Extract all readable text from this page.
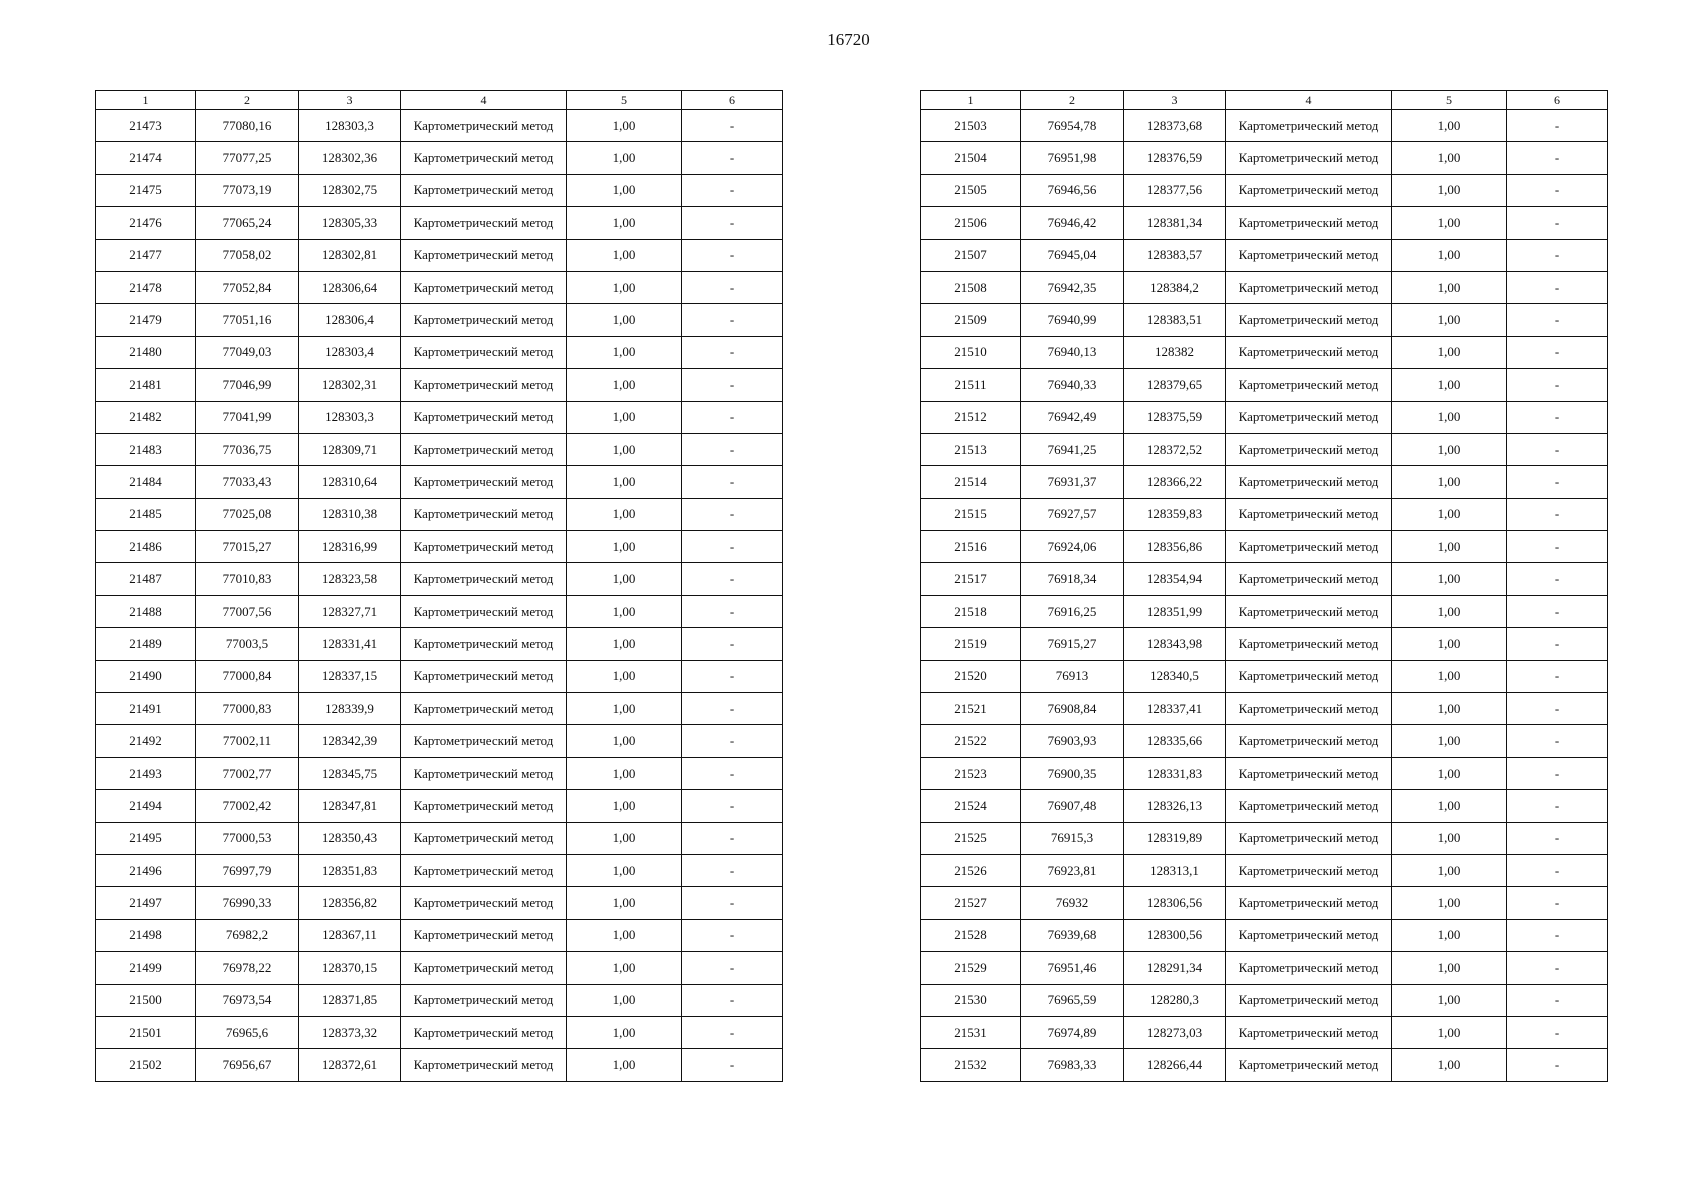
16720
1	2	3	4	5	6
21473	77080,16	128303,3	Картометрический метод	1,00	-
21474	77077,25	128302,36	Картометрический метод	1,00	-
21475	77073,19	128302,75	Картометрический метод	1,00	-
21476	77065,24	128305,33	Картометрический метод	1,00	-
21477	77058,02	128302,81	Картометрический метод	1,00	-
21478	77052,84	128306,64	Картометрический метод	1,00	-
21479	77051,16	128306,4	Картометрический метод	1,00	-
21480	77049,03	128303,4	Картометрический метод	1,00	-
21481	77046,99	128302,31	Картометрический метод	1,00	-
21482	77041,99	128303,3	Картометрический метод	1,00	-
21483	77036,75	128309,71	Картометрический метод	1,00	-
21484	77033,43	128310,64	Картометрический метод	1,00	-
21485	77025,08	128310,38	Картометрический метод	1,00	-
21486	77015,27	128316,99	Картометрический метод	1,00	-
21487	77010,83	128323,58	Картометрический метод	1,00	-
21488	77007,56	128327,71	Картометрический метод	1,00	-
21489	77003,5	128331,41	Картометрический метод	1,00	-
21490	77000,84	128337,15	Картометрический метод	1,00	-
21491	77000,83	128339,9	Картометрический метод	1,00	-
21492	77002,11	128342,39	Картометрический метод	1,00	-
21493	77002,77	128345,75	Картометрический метод	1,00	-
21494	77002,42	128347,81	Картометрический метод	1,00	-
21495	77000,53	128350,43	Картометрический метод	1,00	-
21496	76997,79	128351,83	Картометрический метод	1,00	-
21497	76990,33	128356,82	Картометрический метод	1,00	-
21498	76982,2	128367,11	Картометрический метод	1,00	-
21499	76978,22	128370,15	Картометрический метод	1,00	-
21500	76973,54	128371,85	Картометрический метод	1,00	-
21501	76965,6	128373,32	Картометрический метод	1,00	-
21502	76956,67	128372,61	Картометрический метод	1,00	-
1	2	3	4	5	6
21503	76954,78	128373,68	Картометрический метод	1,00	-
21504	76951,98	128376,59	Картометрический метод	1,00	-
21505	76946,56	128377,56	Картометрический метод	1,00	-
21506	76946,42	128381,34	Картометрический метод	1,00	-
21507	76945,04	128383,57	Картометрический метод	1,00	-
21508	76942,35	128384,2	Картометрический метод	1,00	-
21509	76940,99	128383,51	Картометрический метод	1,00	-
21510	76940,13	128382	Картометрический метод	1,00	-
21511	76940,33	128379,65	Картометрический метод	1,00	-
21512	76942,49	128375,59	Картометрический метод	1,00	-
21513	76941,25	128372,52	Картометрический метод	1,00	-
21514	76931,37	128366,22	Картометрический метод	1,00	-
21515	76927,57	128359,83	Картометрический метод	1,00	-
21516	76924,06	128356,86	Картометрический метод	1,00	-
21517	76918,34	128354,94	Картометрический метод	1,00	-
21518	76916,25	128351,99	Картометрический метод	1,00	-
21519	76915,27	128343,98	Картометрический метод	1,00	-
21520	76913	128340,5	Картометрический метод	1,00	-
21521	76908,84	128337,41	Картометрический метод	1,00	-
21522	76903,93	128335,66	Картометрический метод	1,00	-
21523	76900,35	128331,83	Картометрический метод	1,00	-
21524	76907,48	128326,13	Картометрический метод	1,00	-
21525	76915,3	128319,89	Картометрический метод	1,00	-
21526	76923,81	128313,1	Картометрический метод	1,00	-
21527	76932	128306,56	Картометрический метод	1,00	-
21528	76939,68	128300,56	Картометрический метод	1,00	-
21529	76951,46	128291,34	Картометрический метод	1,00	-
21530	76965,59	128280,3	Картометрический метод	1,00	-
21531	76974,89	128273,03	Картометрический метод	1,00	-
21532	76983,33	128266,44	Картометрический метод	1,00	-
